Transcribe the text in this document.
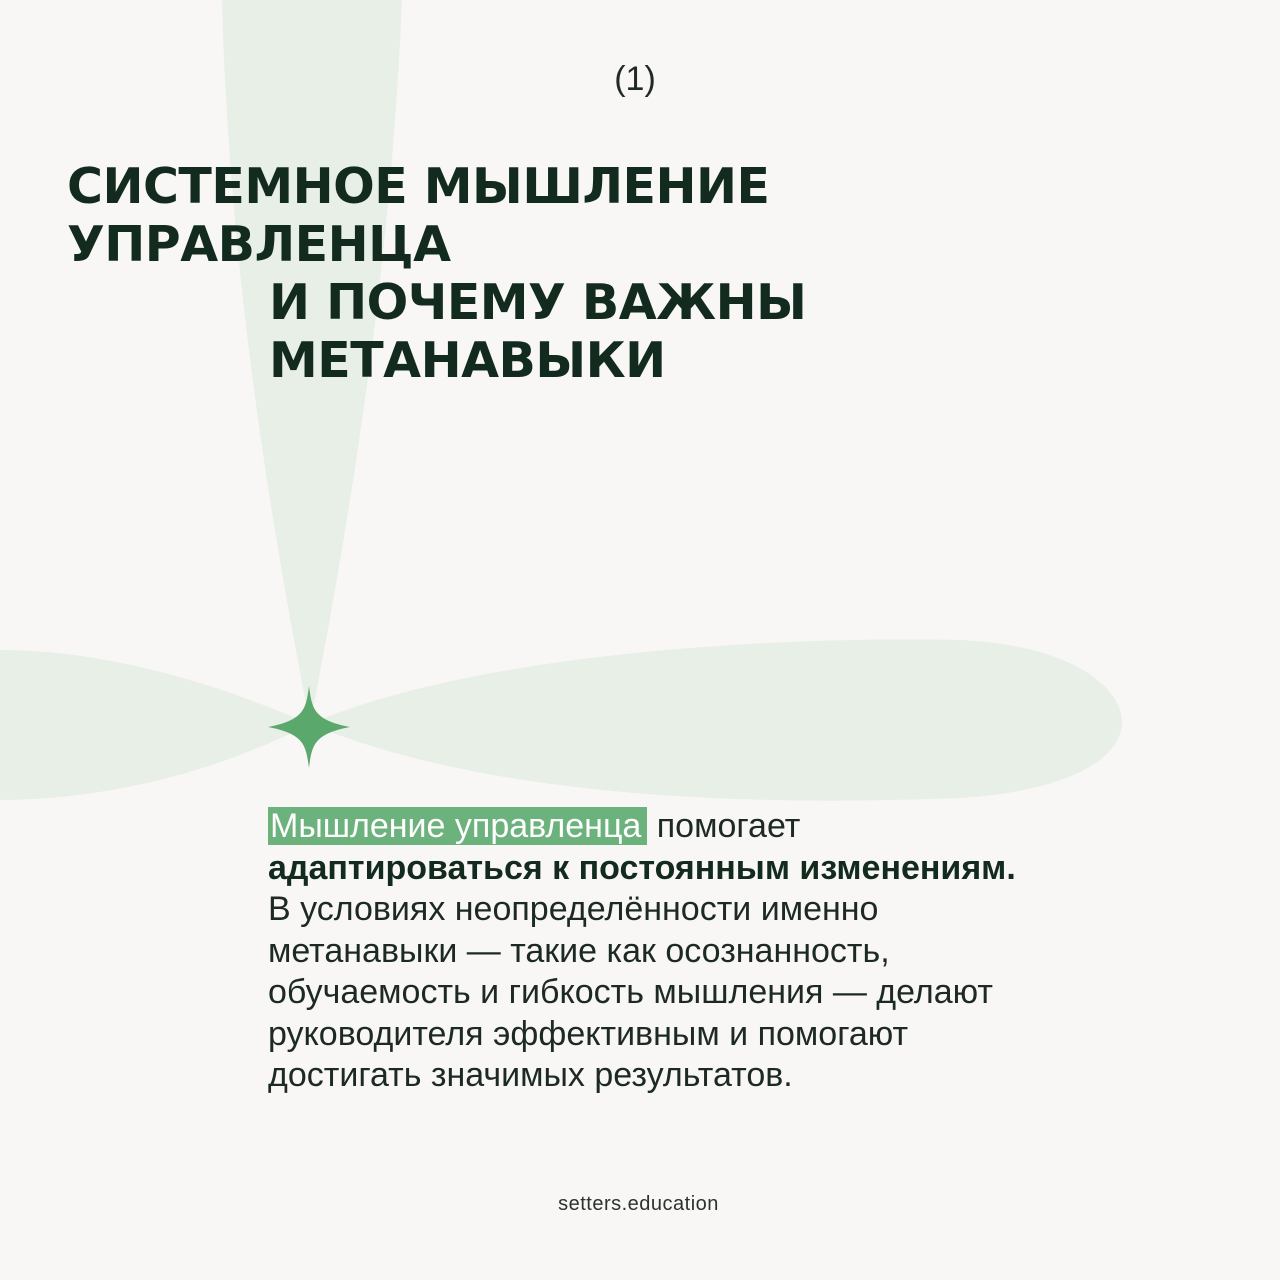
(1)
СИСТЕМНОЕ МЫШЛЕНИЕ
УПРАВЛЕНЦА
И ПОЧЕМУ ВАЖНЫ
МЕТАНАВЫКИ
Мышление управленца помогает
адаптироваться к постоянным изменениям.
В условиях неопределённости именно
метанавыки — такие как осознанность,
обучаемость и гибкость мышления — делают
руководителя эффективным и помогают
достигать значимых результатов.
setters.education
